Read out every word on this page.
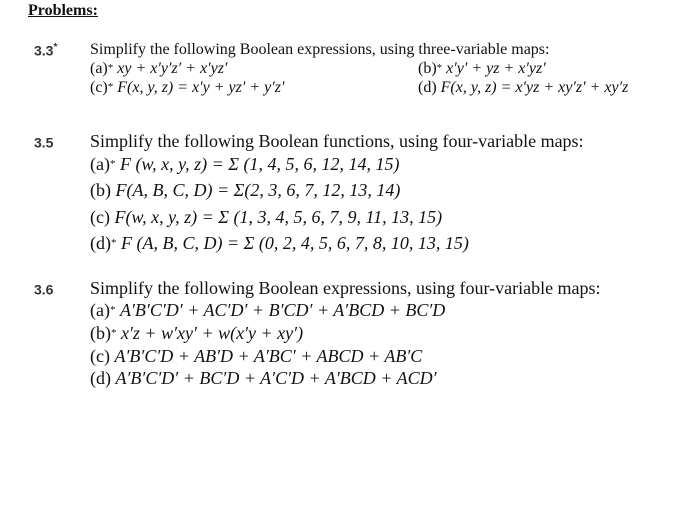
Problems:
3.3* Simplify the following Boolean expressions, using three-variable maps:
(a)* xy + x′y′z′ + x′yz′	(b)* x′y′ + yz + x′yz′
(c)* F(x, y, z) = x′y + yz′ + y′z′	(d) F(x, y, z) = x′yz + xy′z′ + xy′z
3.5 Simplify the following Boolean functions, using four-variable maps:
(a)* F (w, x, y, z) = Σ (1, 4, 5, 6, 12, 14, 15)
(b) F(A, B, C, D) = Σ(2, 3, 6, 7, 12, 13, 14)
(c) F(w, x, y, z) = Σ (1, 3, 4, 5, 6, 7, 9, 11, 13, 15)
(d)* F (A, B, C, D) = Σ (0, 2, 4, 5, 6, 7, 8, 10, 13, 15)
3.6 Simplify the following Boolean expressions, using four-variable maps:
(a)* A′B′C′D′ + AC′D′ + B′CD′ + A′BCD + BC′D
(b)* x′z + w′xy′ + w(x′y + xy′)
(c) A′B′C′D + AB′D + A′BC′ + ABCD + AB′C
(d) A′B′C′D′ + BC′D + A′C′D + A′BCD + ACD′
